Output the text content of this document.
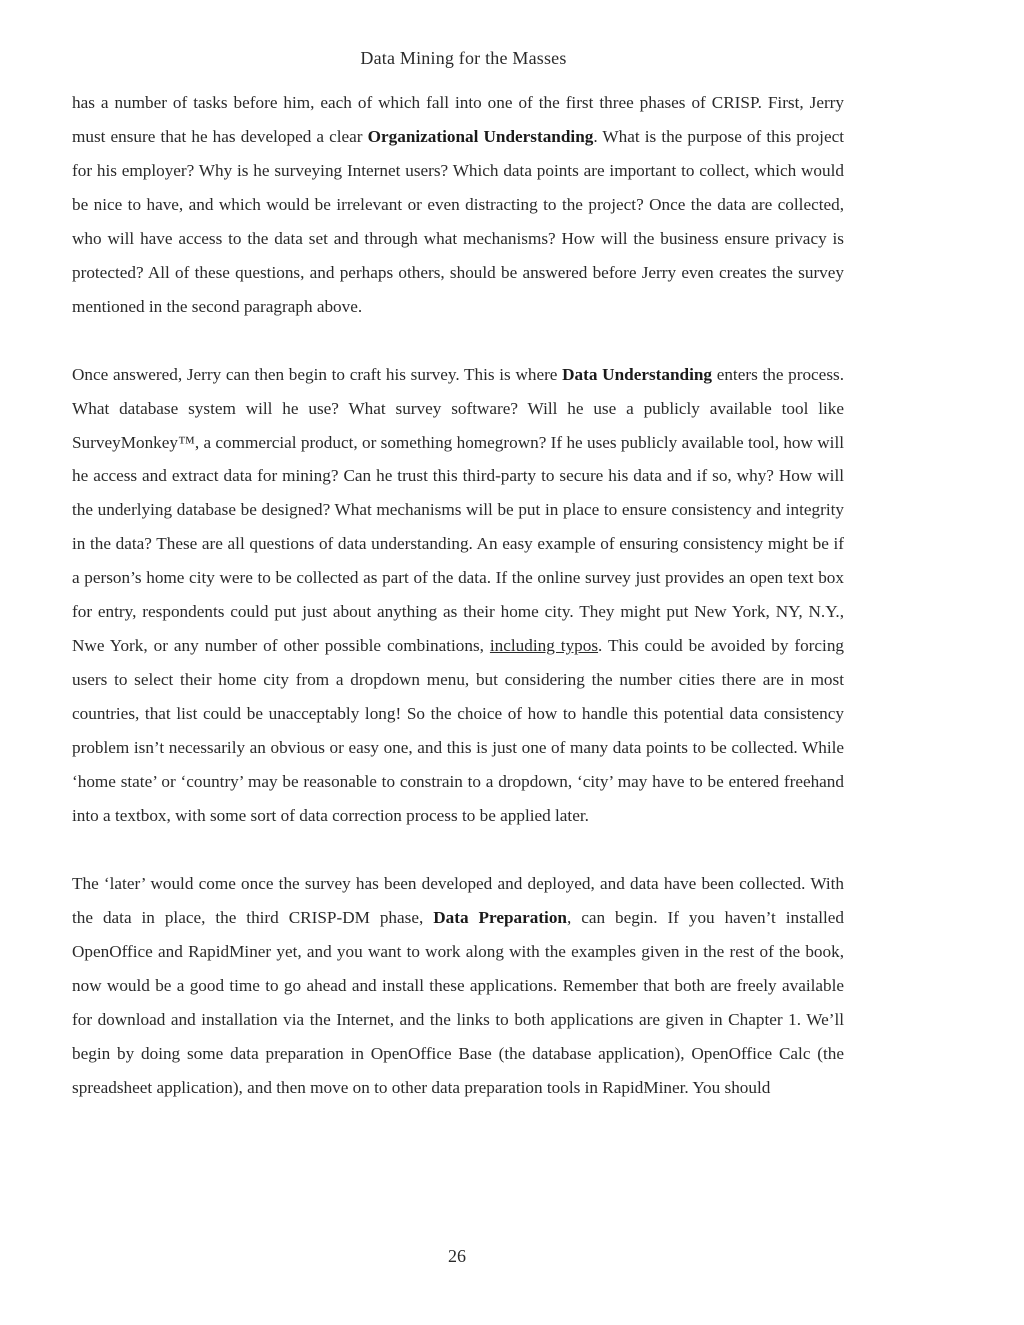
Data Mining for the Masses

has a number of tasks before him, each of which fall into one of the first three phases of CRISP. First, Jerry must ensure that he has developed a clear Organizational Understanding. What is the purpose of this project for his employer? Why is he surveying Internet users? Which data points are important to collect, which would be nice to have, and which would be irrelevant or even distracting to the project? Once the data are collected, who will have access to the data set and through what mechanisms? How will the business ensure privacy is protected? All of these questions, and perhaps others, should be answered before Jerry even creates the survey mentioned in the second paragraph above.

Once answered, Jerry can then begin to craft his survey. This is where Data Understanding enters the process. What database system will he use? What survey software? Will he use a publicly available tool like SurveyMonkey™, a commercial product, or something homegrown? If he uses publicly available tool, how will he access and extract data for mining? Can he trust this third-party to secure his data and if so, why? How will the underlying database be designed? What mechanisms will be put in place to ensure consistency and integrity in the data? These are all questions of data understanding. An easy example of ensuring consistency might be if a person’s home city were to be collected as part of the data. If the online survey just provides an open text box for entry, respondents could put just about anything as their home city. They might put New York, NY, N.Y., Nwe York, or any number of other possible combinations, including typos. This could be avoided by forcing users to select their home city from a dropdown menu, but considering the number cities there are in most countries, that list could be unacceptably long! So the choice of how to handle this potential data consistency problem isn’t necessarily an obvious or easy one, and this is just one of many data points to be collected. While ‘home state’ or ‘country’ may be reasonable to constrain to a dropdown, ‘city’ may have to be entered freehand into a textbox, with some sort of data correction process to be applied later.

The ‘later’ would come once the survey has been developed and deployed, and data have been collected. With the data in place, the third CRISP-DM phase, Data Preparation, can begin. If you haven’t installed OpenOffice and RapidMiner yet, and you want to work along with the examples given in the rest of the book, now would be a good time to go ahead and install these applications. Remember that both are freely available for download and installation via the Internet, and the links to both applications are given in Chapter 1. We’ll begin by doing some data preparation in OpenOffice Base (the database application), OpenOffice Calc (the spreadsheet application), and then move on to other data preparation tools in RapidMiner. You should

26
